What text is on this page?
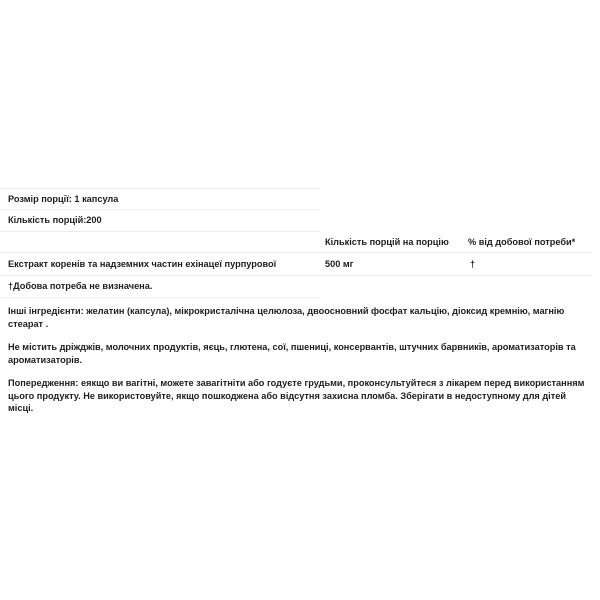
Розмір порції: 1 капсула
Кількість порцій:200
Кількість порцій на порцію % від добової потреби*
Екстракт коренів та надземних частин ехінацеї пурпурової	500 мг	†
†Добова потреба не визначена.
Інші інгредієнти: желатин (капсула), мікрокристалічна целюлоза, двоосновний фосфат кальцію, діоксид кремнію, магнію стеарат .
Не містить дріжджів, молочних продуктів, яєць, глютена, сої, пшениці, консервантів, штучних барвників, ароматизаторів та ароматизаторів.
Попередження: еякщо ви вагітні, можете завагітніти або годуєте грудьми, проконсультуйтеся з лікарем перед використанням цього продукту. Не використовуйте, якщо пошкоджена або відсутня захисна пломба. Зберігати в недоступному для дітей місці.
